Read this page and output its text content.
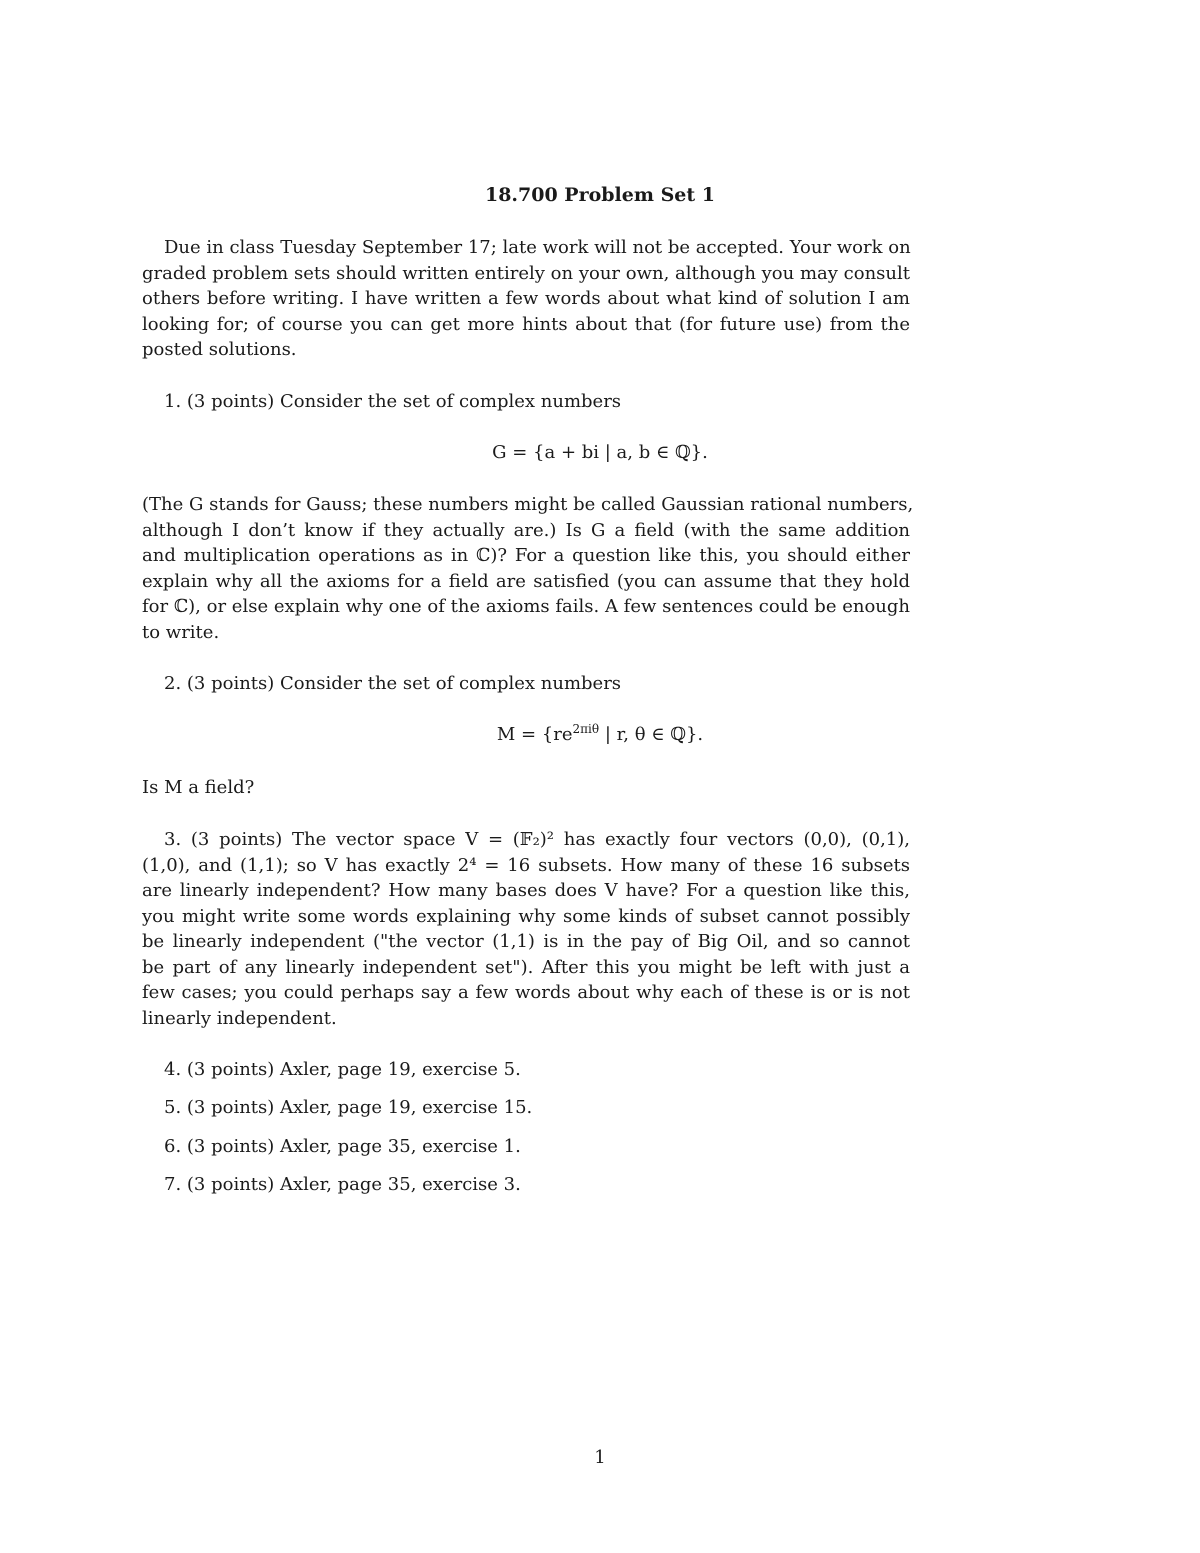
18.700 Problem Set 1
Due in class Tuesday September 17; late work will not be accepted. Your work on
graded problem sets should written entirely on your own, although you may consult
others before writing. I have written a few words about what kind of solution I am
looking for; of course you can get more hints about that (for future use) from the
posted solutions.
1. (3 points) Consider the set of complex numbers
G = {a + bi | a, b ∈ ℚ}.
(The G stands for Gauss; these numbers might be called Gaussian rational numbers,
although I don’t know if they actually are.) Is G a field (with the same addition
and multiplication operations as in ℂ)? For a question like this, you should either
explain why all the axioms for a field are satisfied (you can assume that they hold
for ℂ), or else explain why one of the axioms fails. A few sentences could be enough
to write.
2. (3 points) Consider the set of complex numbers
$M = \{re^{2\pi i\theta}$ | r, θ ∈ ℚ}.
Is M a field?
3. (3 points) The vector space V = (𝔽₂)² has exactly four vectors (0,0), (0,1),
(1,0), and (1,1); so V has exactly 2⁴ = 16 subsets. How many of these 16 subsets
are linearly independent? How many bases does V have? For a question like this,
you might write some words explaining why some kinds of subset cannot possibly
be linearly independent ("the vector (1,1) is in the pay of Big Oil, and so cannot
be part of any linearly independent set"). After this you might be left with just a
few cases; you could perhaps say a few words about why each of these is or is not
linearly independent.
4. (3 points) Axler, page 19, exercise 5.
5. (3 points) Axler, page 19, exercise 15.
6. (3 points) Axler, page 35, exercise 1.
7. (3 points) Axler, page 35, exercise 3.
1
